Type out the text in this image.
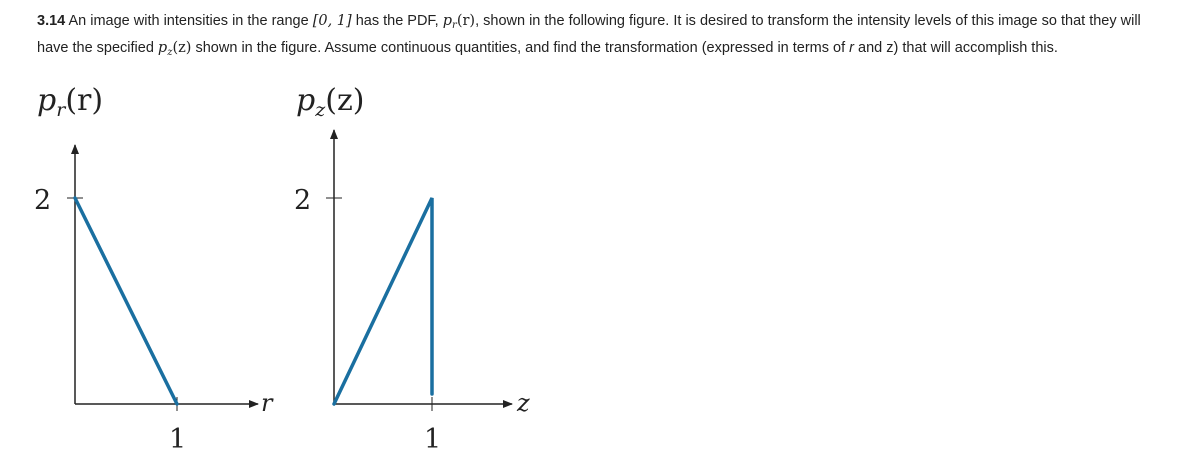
3.14 An image with intensities in the range [0, 1] has the PDF, $p_r(r)$, shown in the following figure. It is desired to transform the intensity levels of this image so that they will have the specified $p_z(z)$ shown in the figure. Assume continuous quantities, and find the transformation (expressed in terms of r and z) that will accomplish this.
$p_r(r)$
2
1
r
$p_z(z)$
2
1
z
